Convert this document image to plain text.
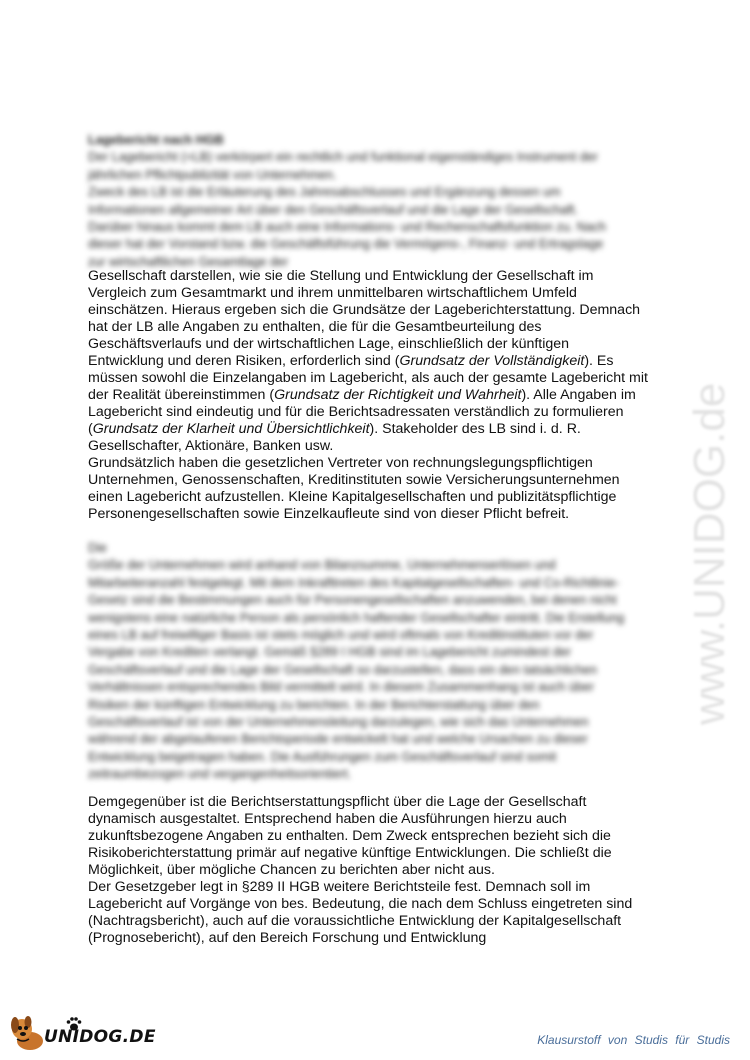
Lagebericht nach HGB

Der Lagebericht (=LB) verkörpert ein rechtlich und funktional eigenständiges Instrument der jährlichen Pflichtpublizität von Unternehmen.

Zweck des LB ist die Erläuterung des Jahresabschlusses und Ergänzung dessen um Informationen allgemeiner Art über den Geschäftsverlauf und die Lage der Gesellschaft. Darüber hinaus kommt dem LB auch eine Informations- und Rechenschaftsfunktion zu. Nach dieser hat der Vorstand bzw. die Geschäftsführung die Vermögens-, Finanz- und Ertragslage zur wirtschaftlichen Gesamtlage der

Gesellschaft darstellen, wie sie die Stellung und Entwicklung der Gesellschaft im Vergleich zum Gesamtmarkt und ihrem unmittelbaren wirtschaftlichem Umfeld einschätzen. Hieraus ergeben sich die Grundsätze der Lageberichterstattung. Demnach hat der LB alle Angaben zu enthalten, die für die Gesamtbeurteilung des Geschäftsverlaufs und der wirtschaftlichen Lage, einschließlich der künftigen Entwicklung und deren Risiken, erforderlich sind (Grundsatz der Vollständigkeit). Es müssen sowohl die Einzelangaben im Lagebericht, als auch der gesamte Lagebericht mit der Realität übereinstimmen (Grundsatz der Richtigkeit und Wahrheit). Alle Angaben im Lagebericht sind eindeutig und für die Berichtsadressaten verständlich zu formulieren (Grundsatz der Klarheit und Übersichtlichkeit). Stakeholder des LB sind i. d. R. Gesellschafter, Aktionäre, Banken usw.

Grundsätzlich haben die gesetzlichen Vertreter von rechnungslegungspflichtigen Unternehmen, Genossenschaften, Kreditinstituten sowie Versicherungsunternehmen einen Lagebericht aufzustellen. Kleine Kapitalgesellschaften und publizitätspflichtige Personengesellschaften sowie Einzelkaufleute sind von dieser Pflicht befreit.

Die

Größe der Unternehmen wird anhand von Bilanzsumme, Unternehmenserlösen und Mitarbeiteranzahl festgelegt. Mit dem Inkrafttreten des Kapitalgesellschaften- und Co-Richtlinie-Gesetz sind die Bestimmungen auch für Personengesellschaften anzuwenden, bei denen nicht wenigstens eine natürliche Person als persönlich haftender Gesellschafter eintritt. Die Erstellung eines LB auf freiwilliger Basis ist stets möglich und wird oftmals von Kreditinstituten vor der Vergabe von Krediten verlangt. Gemäß §289 I HGB sind im Lagebericht zumindest der Geschäftsverlauf und die Lage der Gesellschaft so darzustellen, dass ein den tatsächlichen Verhältnissen entsprechendes Bild vermittelt wird. In diesem Zusammenhang ist auch über Risiken der künftigen Entwicklung zu berichten. In der Berichterstattung über den Geschäftsverlauf ist von der Unternehmensleitung darzulegen, wie sich das Unternehmen während der abgelaufenen Berichtsperiode entwickelt hat und welche Ursachen zu dieser Entwicklung beigetragen haben. Die Ausführungen zum Geschäftsverlauf sind somit zeitraumbezogen und vergangenheitsorientiert.

Demgegenüber ist die Berichtserstattungspflicht über die Lage der Gesellschaft dynamisch ausgestaltet. Entsprechend haben die Ausführungen hierzu auch zukunftsbezogene Angaben zu enthalten. Dem Zweck entsprechen bezieht sich die Risikoberichterstattung primär auf negative künftige Entwicklungen. Die schließt die Möglichkeit, über mögliche Chancen zu berichten aber nicht aus.

Der Gesetzgeber legt in §289 II HGB weitere Berichtsteile fest. Demnach soll im Lagebericht auf Vorgänge von bes. Bedeutung, die nach dem Schluss eingetreten sind (Nachtragsbericht), auch auf die voraussichtliche Entwicklung der Kapitalgesellschaft (Prognosebericht), auf den Bereich Forschung und Entwicklung

www.UNIDOG.de
UNIDOG.DE	Klausurstoff von Studis für Studis
